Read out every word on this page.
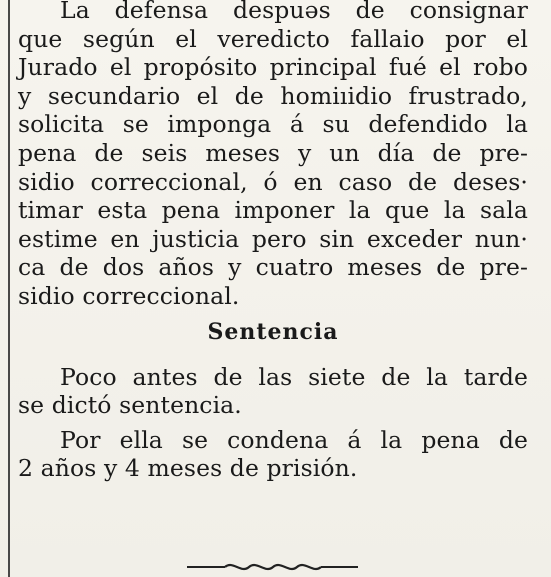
La defensa despuəs de consignar
que según el veredicto fallaio por el
Jurado el propósito principal fué el robo
y secundario el de homiıidio frustrado,
solicita se imponga á su defendido la
pena de seis meses y un día de pre-
sidio correccional, ó en caso de deses·
timar esta pena imponer la que la sala
estime en justicia pero sin exceder nun·
ca de dos años y cuatro meses de pre-
sidio correccional.
Sentencia
Poco antes de las siete de la tarde
se dictó sentencia.
Por ella se condena á la pena de
2 años y 4 meses de prisión.
